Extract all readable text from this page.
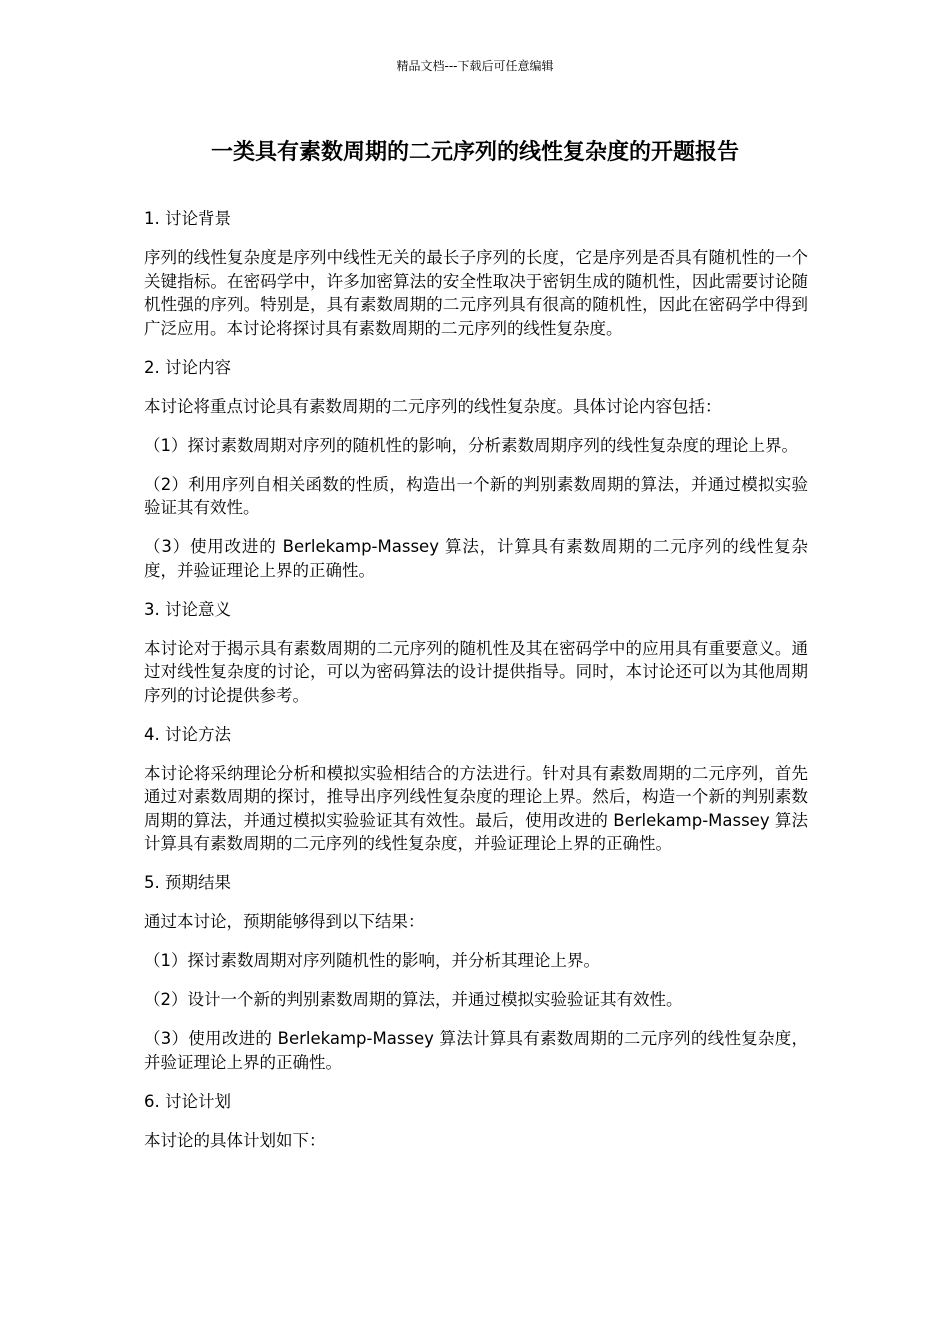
精品文档---下载后可任意编辑
一类具有素数周期的二元序列的线性复杂度的开题报告

1. 讨论背景

序列的线性复杂度是序列中线性无关的最长子序列的长度，它是序列是否具有随机性的一个关键指标。在密码学中，许多加密算法的安全性取决于密钥生成的随机性，因此需要讨论随机性强的序列。特别是，具有素数周期的二元序列具有很高的随机性，因此在密码学中得到广泛应用。本讨论将探讨具有素数周期的二元序列的线性复杂度。

2. 讨论内容

本讨论将重点讨论具有素数周期的二元序列的线性复杂度。具体讨论内容包括：

（1）探讨素数周期对序列的随机性的影响，分析素数周期序列的线性复杂度的理论上界。

（2）利用序列自相关函数的性质，构造出一个新的判别素数周期的算法，并通过模拟实验验证其有效性。

（3）使用改进的 Berlekamp-Massey 算法，计算具有素数周期的二元序列的线性复杂度，并验证理论上界的正确性。

3. 讨论意义

本讨论对于揭示具有素数周期的二元序列的随机性及其在密码学中的应用具有重要意义。通过对线性复杂度的讨论，可以为密码算法的设计提供指导。同时，本讨论还可以为其他周期序列的讨论提供参考。

4. 讨论方法

本讨论将采纳理论分析和模拟实验相结合的方法进行。针对具有素数周期的二元序列，首先通过对素数周期的探讨，推导出序列线性复杂度的理论上界。然后，构造一个新的判别素数周期的算法，并通过模拟实验验证其有效性。最后，使用改进的 Berlekamp-Massey 算法计算具有素数周期的二元序列的线性复杂度，并验证理论上界的正确性。

5. 预期结果

通过本讨论，预期能够得到以下结果：

（1）探讨素数周期对序列随机性的影响，并分析其理论上界。

（2）设计一个新的判别素数周期的算法，并通过模拟实验验证其有效性。

（3）使用改进的 Berlekamp-Massey 算法计算具有素数周期的二元序列的线性复杂度，并验证理论上界的正确性。

6. 讨论计划

本讨论的具体计划如下：
